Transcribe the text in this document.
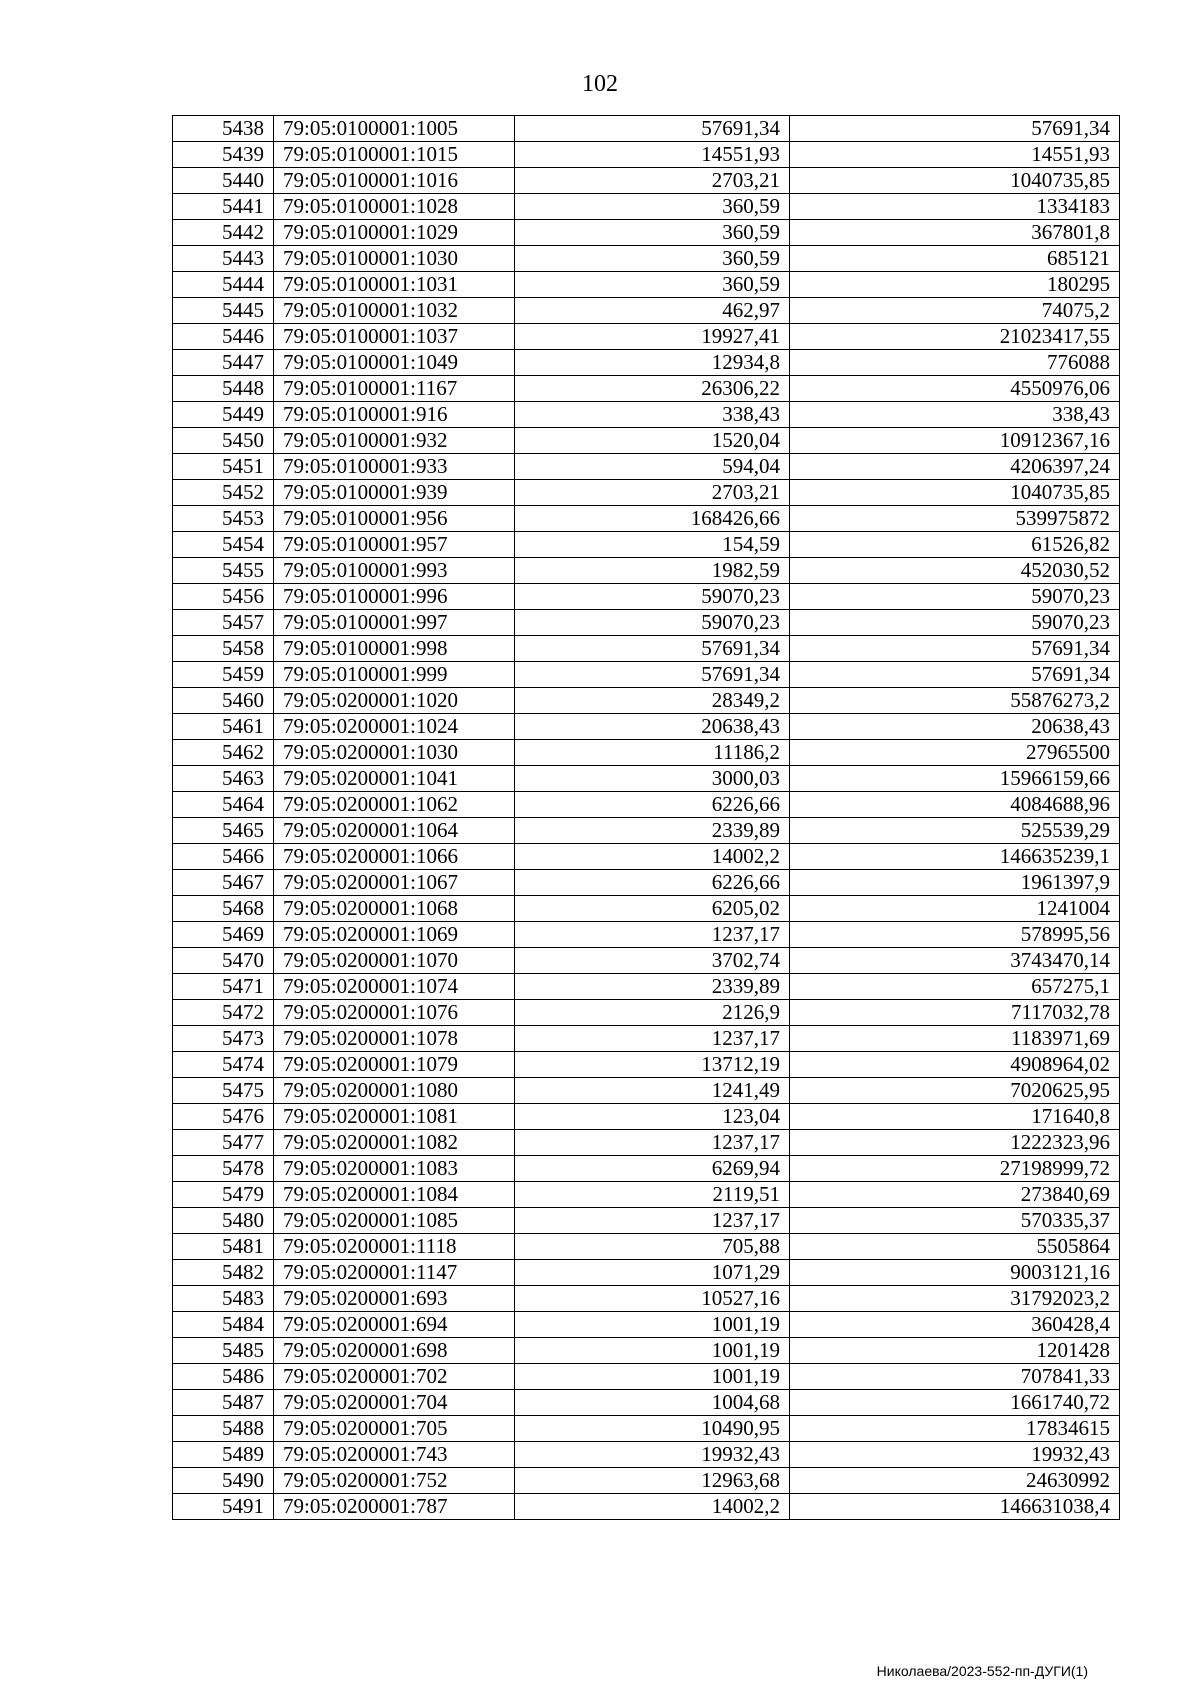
102
5438	79:05:0100001:1005	57691,34	57691,34
5439	79:05:0100001:1015	14551,93	14551,93
5440	79:05:0100001:1016	2703,21	1040735,85
5441	79:05:0100001:1028	360,59	1334183
5442	79:05:0100001:1029	360,59	367801,8
5443	79:05:0100001:1030	360,59	685121
5444	79:05:0100001:1031	360,59	180295
5445	79:05:0100001:1032	462,97	74075,2
5446	79:05:0100001:1037	19927,41	21023417,55
5447	79:05:0100001:1049	12934,8	776088
5448	79:05:0100001:1167	26306,22	4550976,06
5449	79:05:0100001:916	338,43	338,43
5450	79:05:0100001:932	1520,04	10912367,16
5451	79:05:0100001:933	594,04	4206397,24
5452	79:05:0100001:939	2703,21	1040735,85
5453	79:05:0100001:956	168426,66	539975872
5454	79:05:0100001:957	154,59	61526,82
5455	79:05:0100001:993	1982,59	452030,52
5456	79:05:0100001:996	59070,23	59070,23
5457	79:05:0100001:997	59070,23	59070,23
5458	79:05:0100001:998	57691,34	57691,34
5459	79:05:0100001:999	57691,34	57691,34
5460	79:05:0200001:1020	28349,2	55876273,2
5461	79:05:0200001:1024	20638,43	20638,43
5462	79:05:0200001:1030	11186,2	27965500
5463	79:05:0200001:1041	3000,03	15966159,66
5464	79:05:0200001:1062	6226,66	4084688,96
5465	79:05:0200001:1064	2339,89	525539,29
5466	79:05:0200001:1066	14002,2	146635239,1
5467	79:05:0200001:1067	6226,66	1961397,9
5468	79:05:0200001:1068	6205,02	1241004
5469	79:05:0200001:1069	1237,17	578995,56
5470	79:05:0200001:1070	3702,74	3743470,14
5471	79:05:0200001:1074	2339,89	657275,1
5472	79:05:0200001:1076	2126,9	7117032,78
5473	79:05:0200001:1078	1237,17	1183971,69
5474	79:05:0200001:1079	13712,19	4908964,02
5475	79:05:0200001:1080	1241,49	7020625,95
5476	79:05:0200001:1081	123,04	171640,8
5477	79:05:0200001:1082	1237,17	1222323,96
5478	79:05:0200001:1083	6269,94	27198999,72
5479	79:05:0200001:1084	2119,51	273840,69
5480	79:05:0200001:1085	1237,17	570335,37
5481	79:05:0200001:1118	705,88	5505864
5482	79:05:0200001:1147	1071,29	9003121,16
5483	79:05:0200001:693	10527,16	31792023,2
5484	79:05:0200001:694	1001,19	360428,4
5485	79:05:0200001:698	1001,19	1201428
5486	79:05:0200001:702	1001,19	707841,33
5487	79:05:0200001:704	1004,68	1661740,72
5488	79:05:0200001:705	10490,95	17834615
5489	79:05:0200001:743	19932,43	19932,43
5490	79:05:0200001:752	12963,68	24630992
5491	79:05:0200001:787	14002,2	146631038,4
Николаева/2023-552-пп-ДУГИ(1)
